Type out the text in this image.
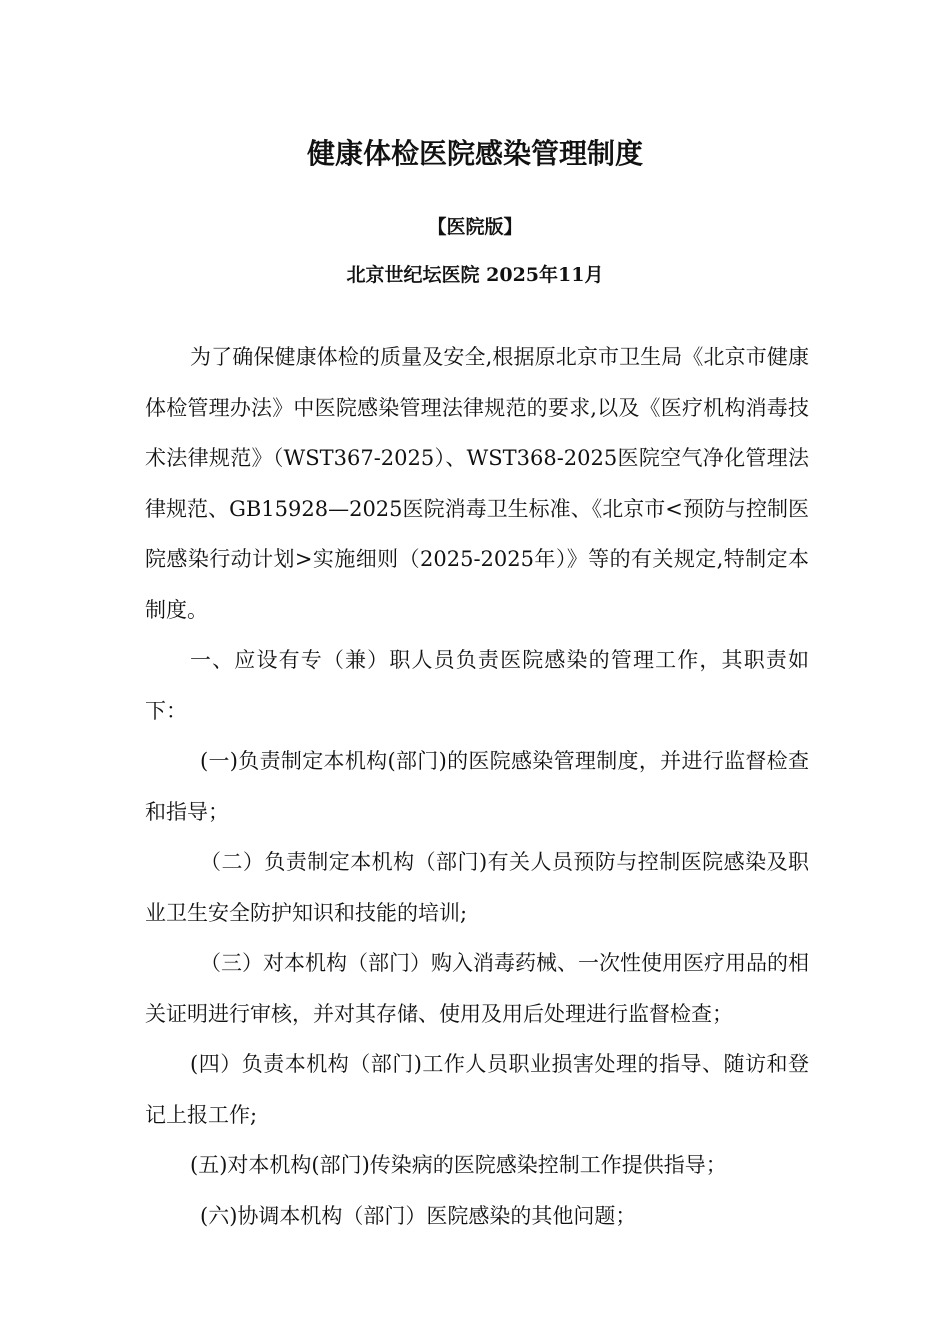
健康体检医院感染管理制度
【医院版】
北京世纪坛医院 2025年11月

为了确保健康体检的质量及安全,根据原北京市卫生局《北京市健康体检管理办法》中医院感染管理法律规范的要求,以及《医疗机构消毒技术法律规范》（WST367-2025）、WST368-2025医院空气净化管理法律规范、GB15928—2025医院消毒卫生标准、《北京市<预防与控制医院感染行动计划>实施细则（2025-2025年）》等的有关规定,特制定本制度。

一、应设有专（兼）职人员负责医院感染的管理工作，其职责如下：

(一)负责制定本机构(部门)的医院感染管理制度，并进行监督检查和指导；

（二）负责制定本机构（部门)有关人员预防与控制医院感染及职业卫生安全防护知识和技能的培训;

（三）对本机构（部门）购入消毒药械、一次性使用医疗用品的相关证明进行审核，并对其存储、使用及用后处理进行监督检查；

(四）负责本机构（部门)工作人员职业损害处理的指导、随访和登记上报工作;

(五)对本机构(部门)传染病的医院感染控制工作提供指导；

(六)协调本机构（部门）医院感染的其他问题；
